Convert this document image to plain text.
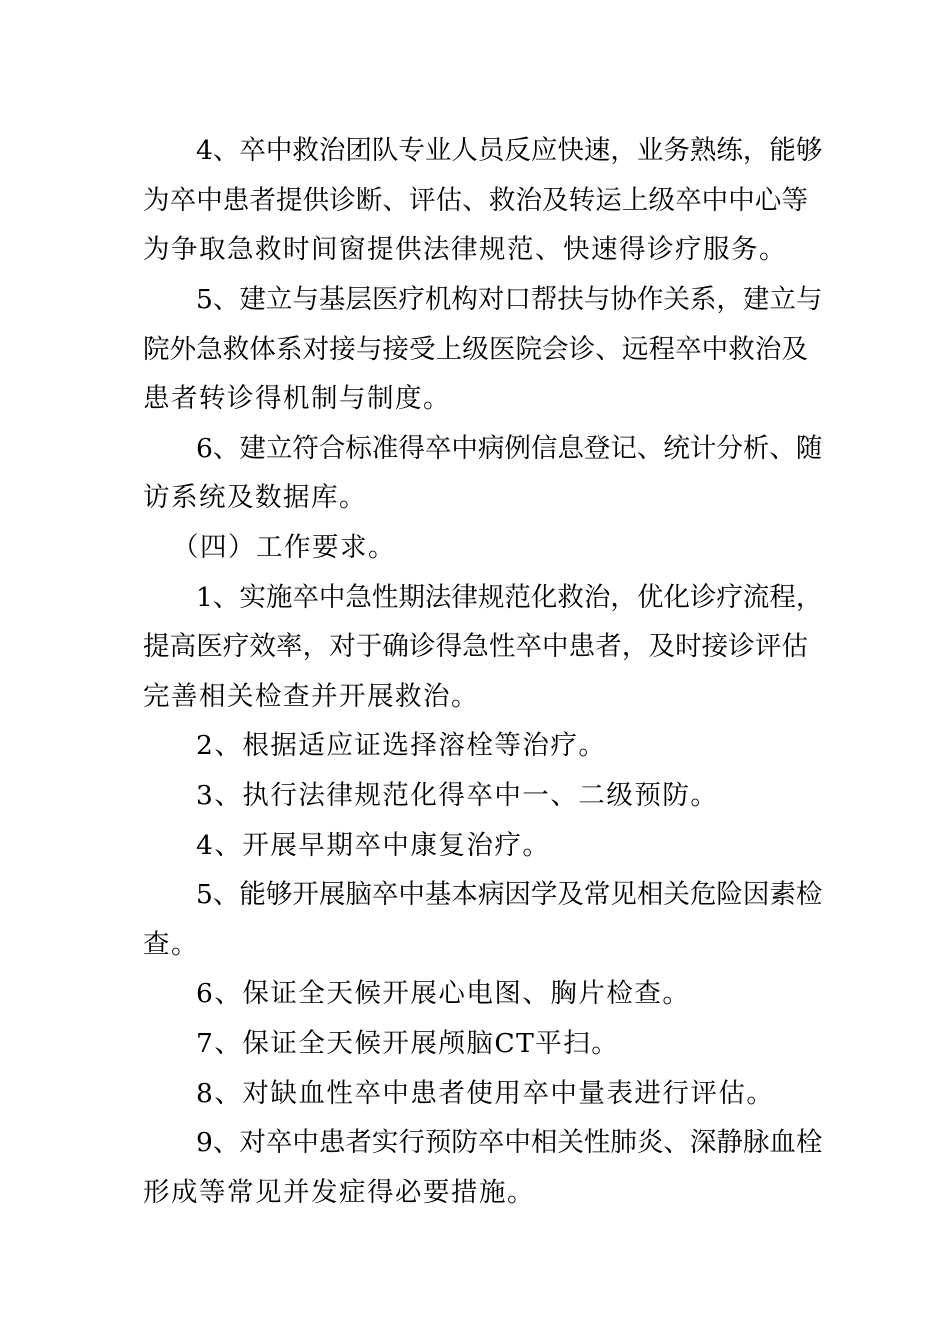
4、卒中救治团队专业人员反应快速，业务熟练，能够

为卒中患者提供诊断、评估、救治及转运上级卒中中心等

为争取急救时间窗提供法律规范、快速得诊疗服务。

5、建立与基层医疗机构对口帮扶与协作关系，建立与

院外急救体系对接与接受上级医院会诊、远程卒中救治及

患者转诊得机制与制度。

6、建立符合标准得卒中病例信息登记、统计分析、随

访系统及数据库。

（四）工作要求。

1、实施卒中急性期法律规范化救治，优化诊疗流程，

提高医疗效率，对于确诊得急性卒中患者，及时接诊评估

完善相关检查并开展救治。

2、根据适应证选择溶栓等治疗。

3、执行法律规范化得卒中一、二级预防。

4、开展早期卒中康复治疗。

5、能够开展脑卒中基本病因学及常见相关危险因素检

查。

6、保证全天候开展心电图、胸片检查。

7、保证全天候开展颅脑CT平扫。

8、对缺血性卒中患者使用卒中量表进行评估。

9、对卒中患者实行预防卒中相关性肺炎、深静脉血栓

形成等常见并发症得必要措施。
